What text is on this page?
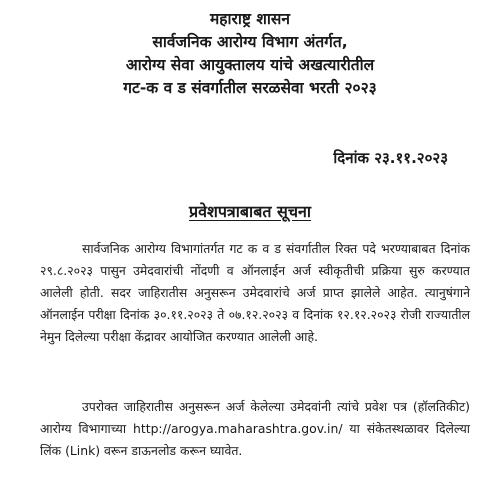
महाराष्ट्र शासन
सार्वजनिक आरोग्य विभाग अंतर्गत,
आरोग्य सेवा आयुक्तालय यांचे अखत्यारीतील
गट-क व ड संवर्गातील सरळसेवा भरती २०२३
दिनांक २३.११.२०२३
प्रवेशपत्राबाबत सूचना
सार्वजनिक आरोग्य विभागांतर्गत गट क व ड संवर्गातील रिक्त पदे भरण्याबाबत दिनांक २९.८.२०२३ पासुन उमेदवारांची नोंदणी व ऑनलाईन अर्ज स्वीकृतीची प्रक्रिया सुरु करण्यात आलेली होती. सदर जाहिरातीस अनुसरून उमेदवारांचे अर्ज प्राप्त झालेले आहेत. त्यानुषंगाने ऑनलाईन परीक्षा दिनांक ३०.११.२०२३ ते ०७.१२.२०२३ व दिनांक १२.१२.२०२३ रोजी राज्यातील नेमुन दिलेल्या परीक्षा केंद्रावर आयोजित करण्यात आलेली आहे.
उपरोक्त जाहिरातीस अनुसरून अर्ज केलेल्या उमेदवांनी त्यांचे प्रवेश पत्र (हॉलतिकीट) आरोग्य विभागाच्या http://arogya.maharashtra.gov.in/ या संकेतस्थळावर दिलेल्या लिंक (Link) वरून डाऊनलोड करून घ्यावेत.
